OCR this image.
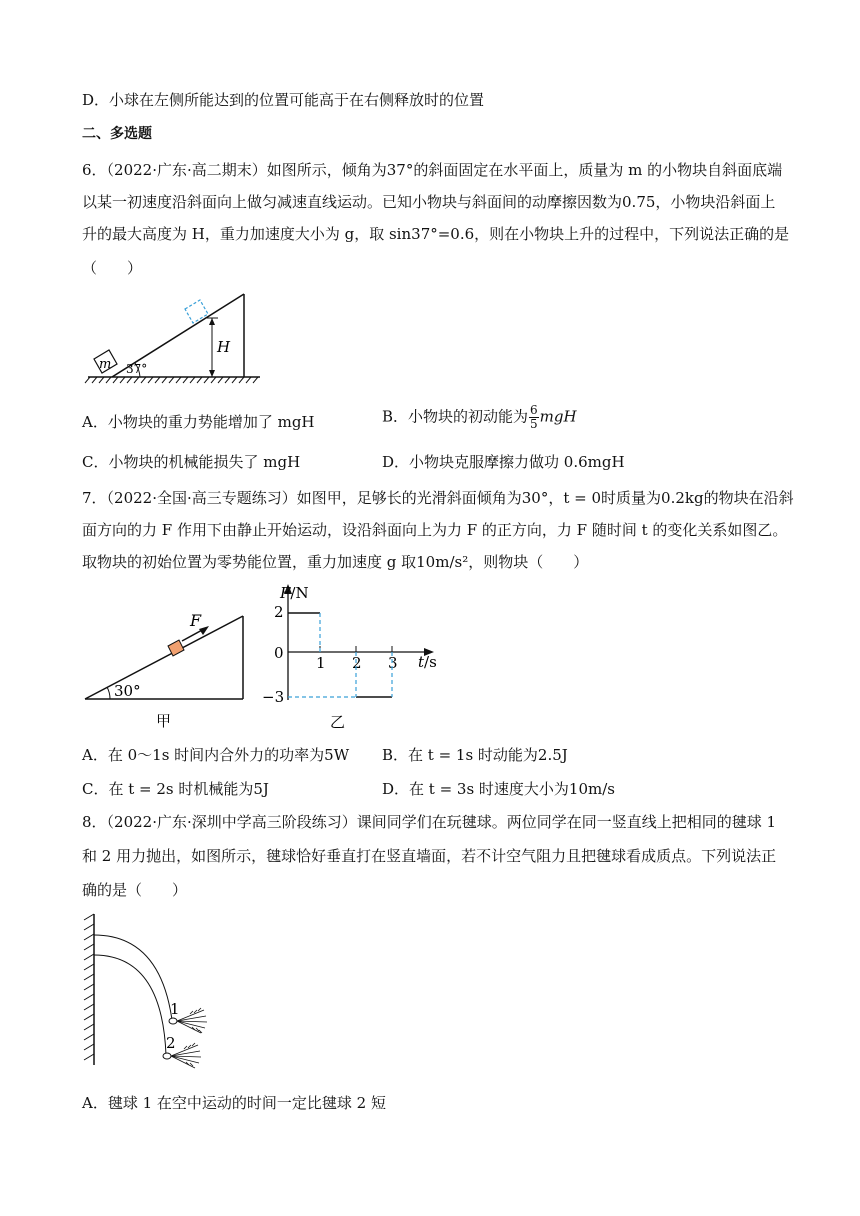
D．小球在左侧所能达到的位置可能高于在右侧释放时的位置
二、多选题
6．（2022·广东·高二期末）如图所示，倾角为37°的斜面固定在水平面上，质量为 m 的小物块自斜面底端
以某一初速度沿斜面向上做匀减速直线运动。已知小物块与斜面间的动摩擦因数为0.75，小物块沿斜面上
升的最大高度为 H，重力加速度大小为 g，取 sin37°=0.6，则在小物块上升的过程中，下列说法正确的是
（　　）
m 37°
H
A．小物块的重力势能增加了 mgH	B．小物块的初动能为 $\frac{6}{5}$ mgH
C．小物块的机械能损失了 mgH	D．小物块克服摩擦力做功 0.6mgH
7．（2022·全国·高三专题练习）如图甲，足够长的光滑斜面倾角为30°，t = 0时质量为0.2kg的物块在沿斜
面方向的力 F 作用下由静止开始运动，设沿斜面向上为力 F 的正方向，力 F 随时间 t 的变化关系如图乙。
取物块的初始位置为零势能位置，重力加速度 g 取10m/s²，则物块（　　）
F
30°
甲
F/N
t/s
2
0
−3
1 2 3
乙
A．在 0～1s 时间内合外力的功率为5W B．在 t = 1s 时动能为2.5J
C．在 t = 2s 时机械能为5J	D．在 t = 3s 时速度大小为10m/s
8．（2022·广东·深圳中学高三阶段练习）课间同学们在玩毽球。两位同学在同一竖直线上把相同的毽球 1
和 2 用力抛出，如图所示，毽球恰好垂直打在竖直墙面，若不计空气阻力且把毽球看成质点。下列说法正
确的是（　　）
1
2
A．毽球 1 在空中运动的时间一定比毽球 2 短
